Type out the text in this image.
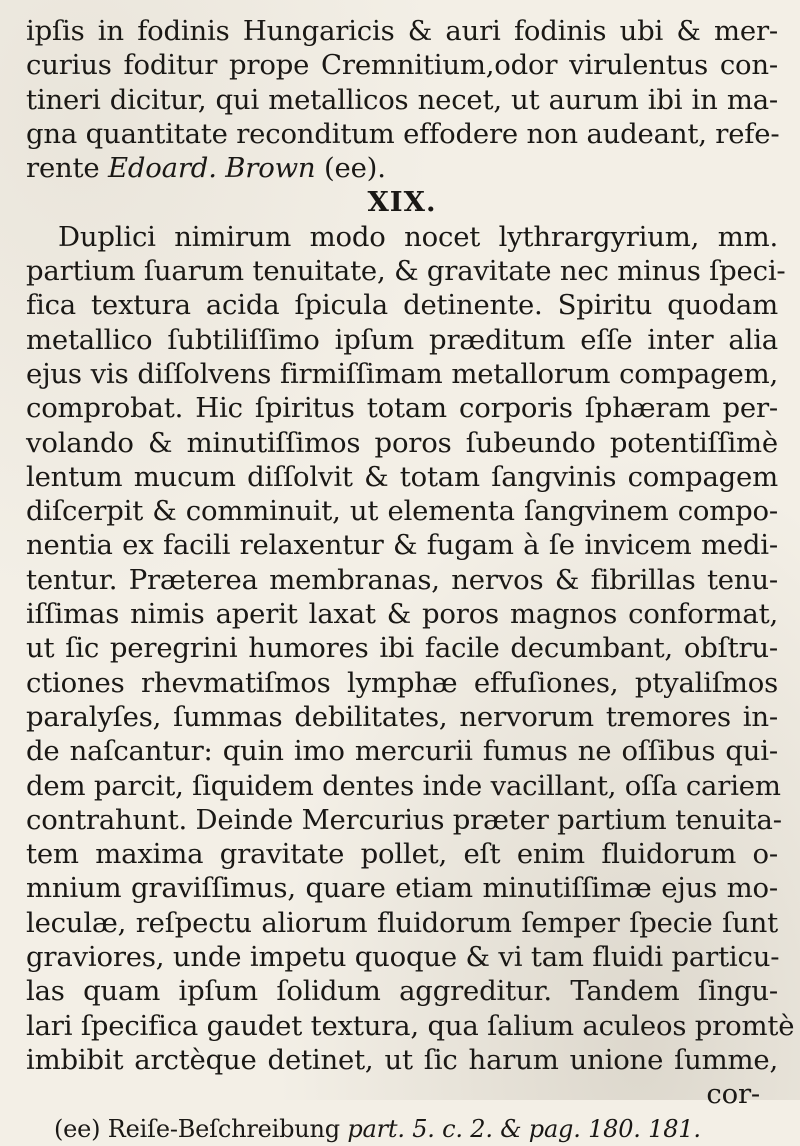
ipſis in fodinis Hungaricis & auri fodinis ubi & mer-
curius foditur prope Cremnitium,odor virulentus con-
tineri dicitur, qui metallicos necet, ut aurum ibi in ma-
gna quantitate reconditum effodere non audeant, refe-
rente Edoard. Brown (ee).
XIX.
Duplici nimirum modo nocet lythrargyrium, mm.
partium ſuarum tenuitate, & gravitate nec minus ſpeci-
fica textura acida ſpicula detinente. Spiritu quodam
metallico ſubtiliſſimo ipſum præditum eſſe inter alia
ejus vis diſſolvens firmiſſimam metallorum compagem,
comprobat. Hic ſpiritus totam corporis ſphæram per-
volando & minutiſſimos poros ſubeundo potentiſſimè
lentum mucum diſſolvit & totam ſangvinis compagem
diſcerpit & comminuit, ut elementa ſangvinem compo-
nentia ex facili relaxentur & fugam à ſe invicem medi-
tentur. Præterea membranas, nervos & fibrillas tenu-
iſſimas nimis aperit laxat & poros magnos conformat,
ut ſic peregrini humores ibi facile decumbant, obſtru-
ctiones rhevmatiſmos lymphæ effuſiones, ptyaliſmos
paralyſes, ſummas debilitates, nervorum tremores in-
de naſcantur: quin imo mercurii fumus ne oſſibus qui-
dem parcit, ſiquidem dentes inde vacillant, oſſa cariem
contrahunt. Deinde Mercurius præter partium tenuita-
tem maxima gravitate pollet, eſt enim fluidorum o-
mnium graviſſimus, quare etiam minutiſſimæ ejus mo-
leculæ, reſpectu aliorum fluidorum ſemper ſpecie ſunt
graviores, unde impetu quoque & vi tam fluidi particu-
las quam ipſum ſolidum aggreditur. Tandem ſingu-
lari ſpecifica gaudet textura, qua ſalium aculeos promtè
imbibit arctèque detinet, ut ſic harum unione ſumme,
cor-
(ee) Reiſe-Beſchreibung part. 5. c. 2. & pag. 180. 181.
